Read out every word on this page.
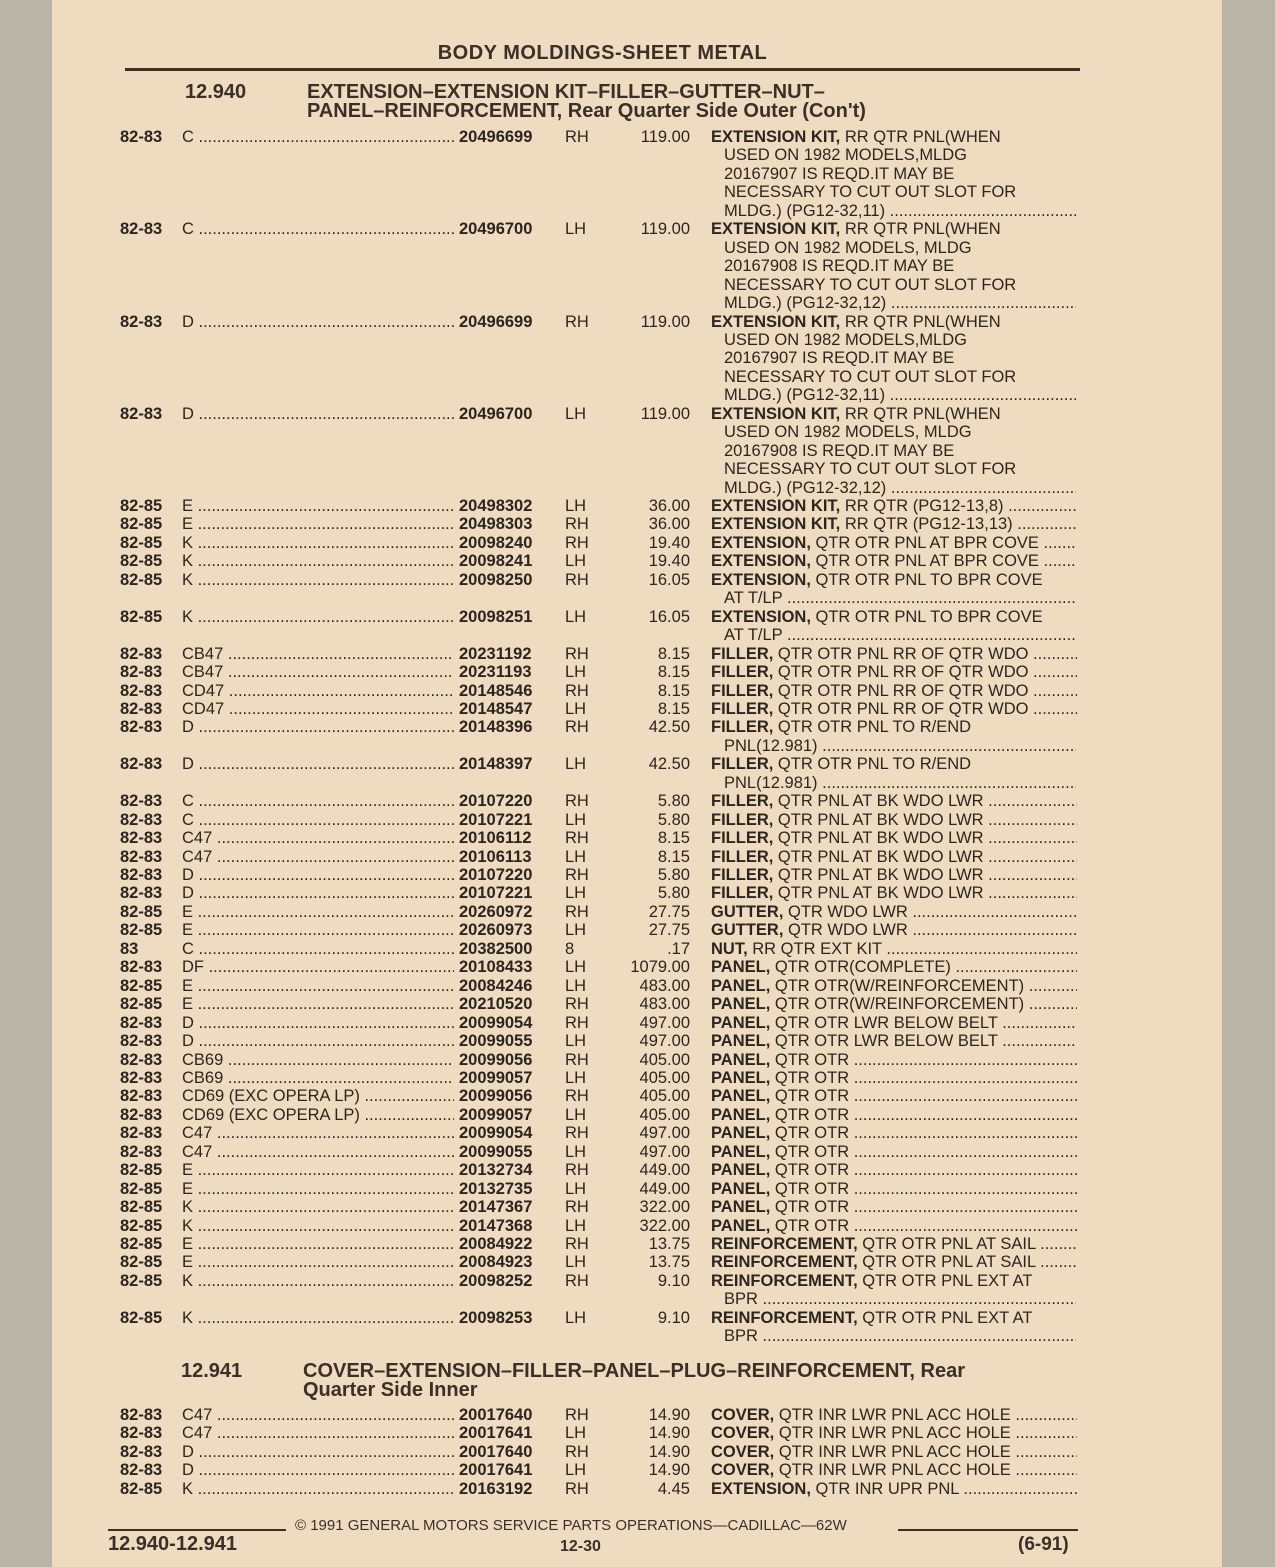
BODY MOLDINGS-SHEET METAL
12.940	EXTENSION–EXTENSION KIT–FILLER–GUTTER–NUT–
PANEL–REINFORCEMENT, Rear Quarter Side Outer (Con't)
12.941	COVER–EXTENSION–FILLER–PANEL–PLUG–REINFORCEMENT, Rear
Quarter Side Inner
82-83	C .....	20496699	RH	119.00 EXTENSION KIT, RR QTR PNL(WHEN
USED ON 1982 MODELS,MLDG
20167907 IS REQD.IT MAY BE
NECESSARY TO CUT OUT SLOT FOR
MLDG.) (PG12-32,11) .....
82-83	C .....	20496700	LH	119.00 EXTENSION KIT, RR QTR PNL(WHEN
USED ON 1982 MODELS, MLDG
20167908 IS REQD.IT MAY BE
NECESSARY TO CUT OUT SLOT FOR
MLDG.) (PG12-32,12) .....
82-83	D .....	20496699	RH	119.00 EXTENSION KIT, RR QTR PNL(WHEN
USED ON 1982 MODELS,MLDG
20167907 IS REQD.IT MAY BE
NECESSARY TO CUT OUT SLOT FOR
MLDG.) (PG12-32,11) .....
82-83	D .....	20496700	LH	119.00 EXTENSION KIT, RR QTR PNL(WHEN
USED ON 1982 MODELS, MLDG
20167908 IS REQD.IT MAY BE
NECESSARY TO CUT OUT SLOT FOR
MLDG.) (PG12-32,12) .....
82-85	E .....	20498302	LH	36.00 EXTENSION KIT, RR QTR (PG12-13,8) .....
82-85	E .....	20498303	RH	36.00 EXTENSION KIT, RR QTR (PG12-13,13) .....
82-85	K .....	20098240	RH	19.40 EXTENSION, QTR OTR PNL AT BPR COVE .....
82-85	K .....	20098241	LH	19.40 EXTENSION, QTR OTR PNL AT BPR COVE .....
82-85	K .....	20098250	RH	16.05 EXTENSION, QTR OTR PNL TO BPR COVE
AT T/LP .....
82-85	K .....	20098251	LH	16.05 EXTENSION, QTR OTR PNL TO BPR COVE
AT T/LP .....
82-83	CB47 .....	20231192	RH	8.15 FILLER, QTR OTR PNL RR OF QTR WDO .....
82-83	CB47 .....	20231193	LH	8.15 FILLER, QTR OTR PNL RR OF QTR WDO .....
82-83	CD47 .....	20148546	RH	8.15 FILLER, QTR OTR PNL RR OF QTR WDO .....
82-83	CD47 .....	20148547	LH	8.15 FILLER, QTR OTR PNL RR OF QTR WDO .....
82-83	D .....	20148396	RH	42.50 FILLER, QTR OTR PNL TO R/END
PNL(12.981) .....
82-83	D .....	20148397	LH	42.50 FILLER, QTR OTR PNL TO R/END
PNL(12.981) .....
82-83	C .....	20107220	RH	5.80 FILLER, QTR PNL AT BK WDO LWR .....
82-83	C .....	20107221	LH	5.80 FILLER, QTR PNL AT BK WDO LWR .....
82-83	C47 .....	20106112	RH	8.15 FILLER, QTR PNL AT BK WDO LWR .....
82-83	C47 .....	20106113	LH	8.15 FILLER, QTR PNL AT BK WDO LWR .....
82-83	D .....	20107220	RH	5.80 FILLER, QTR PNL AT BK WDO LWR .....
82-83	D .....	20107221	LH	5.80 FILLER, QTR PNL AT BK WDO LWR .....
82-85	E .....	20260972	RH	27.75 GUTTER, QTR WDO LWR .....
82-85	E .....	20260973	LH	27.75 GUTTER, QTR WDO LWR .....
83	C .....	20382500	8	.17 NUT, RR QTR EXT KIT .....
82-83	DF .....	20108433	LH	1079.00 PANEL, QTR OTR(COMPLETE) .....
82-85	E .....	20084246	LH	483.00 PANEL, QTR OTR(W/REINFORCEMENT) .....
82-85	E .....	20210520	RH	483.00 PANEL, QTR OTR(W/REINFORCEMENT) .....
82-83	D .....	20099054	RH	497.00 PANEL, QTR OTR LWR BELOW BELT .....
82-83	D .....	20099055	LH	497.00 PANEL, QTR OTR LWR BELOW BELT .....
82-83	CB69 .....	20099056	RH	405.00 PANEL, QTR OTR .....
82-83	CB69 .....	20099057	LH	405.00 PANEL, QTR OTR .....
82-83	CD69 (EXC OPERA LP) .....	20099056	RH	405.00 PANEL, QTR OTR .....
82-83	CD69 (EXC OPERA LP) .....	20099057	LH	405.00 PANEL, QTR OTR .....
82-83	C47 .....	20099054	RH	497.00 PANEL, QTR OTR .....
82-83	C47 .....	20099055	LH	497.00 PANEL, QTR OTR .....
82-85	E .....	20132734	RH	449.00 PANEL, QTR OTR .....
82-85	E .....	20132735	LH	449.00 PANEL, QTR OTR .....
82-85	K .....	20147367	RH	322.00 PANEL, QTR OTR .....
82-85	K .....	20147368	LH	322.00 PANEL, QTR OTR .....
82-85	E .....	20084922	RH	13.75 REINFORCEMENT, QTR OTR PNL AT SAIL .....
82-85	E .....	20084923	LH	13.75 REINFORCEMENT, QTR OTR PNL AT SAIL .....
82-85	K .....	20098252	RH	9.10 REINFORCEMENT, QTR OTR PNL EXT AT
BPR .....
82-85	K .....	20098253	LH	9.10 REINFORCEMENT, QTR OTR PNL EXT AT
BPR .....
82-83	C47 .....	20017640	RH	14.90 COVER, QTR INR LWR PNL ACC HOLE .....
82-83	C47 .....	20017641	LH	14.90 COVER, QTR INR LWR PNL ACC HOLE .....
82-83	D .....	20017640	RH	14.90 COVER, QTR INR LWR PNL ACC HOLE .....
82-83	D .....	20017641	LH	14.90 COVER, QTR INR LWR PNL ACC HOLE .....
82-85	K .....	20163192	RH	4.45 EXTENSION, QTR INR UPR PNL .....
© 1991 GENERAL MOTORS SERVICE PARTS OPERATIONS—CADILLAC—62W
12.940-12.941	12-30	(6-91)
